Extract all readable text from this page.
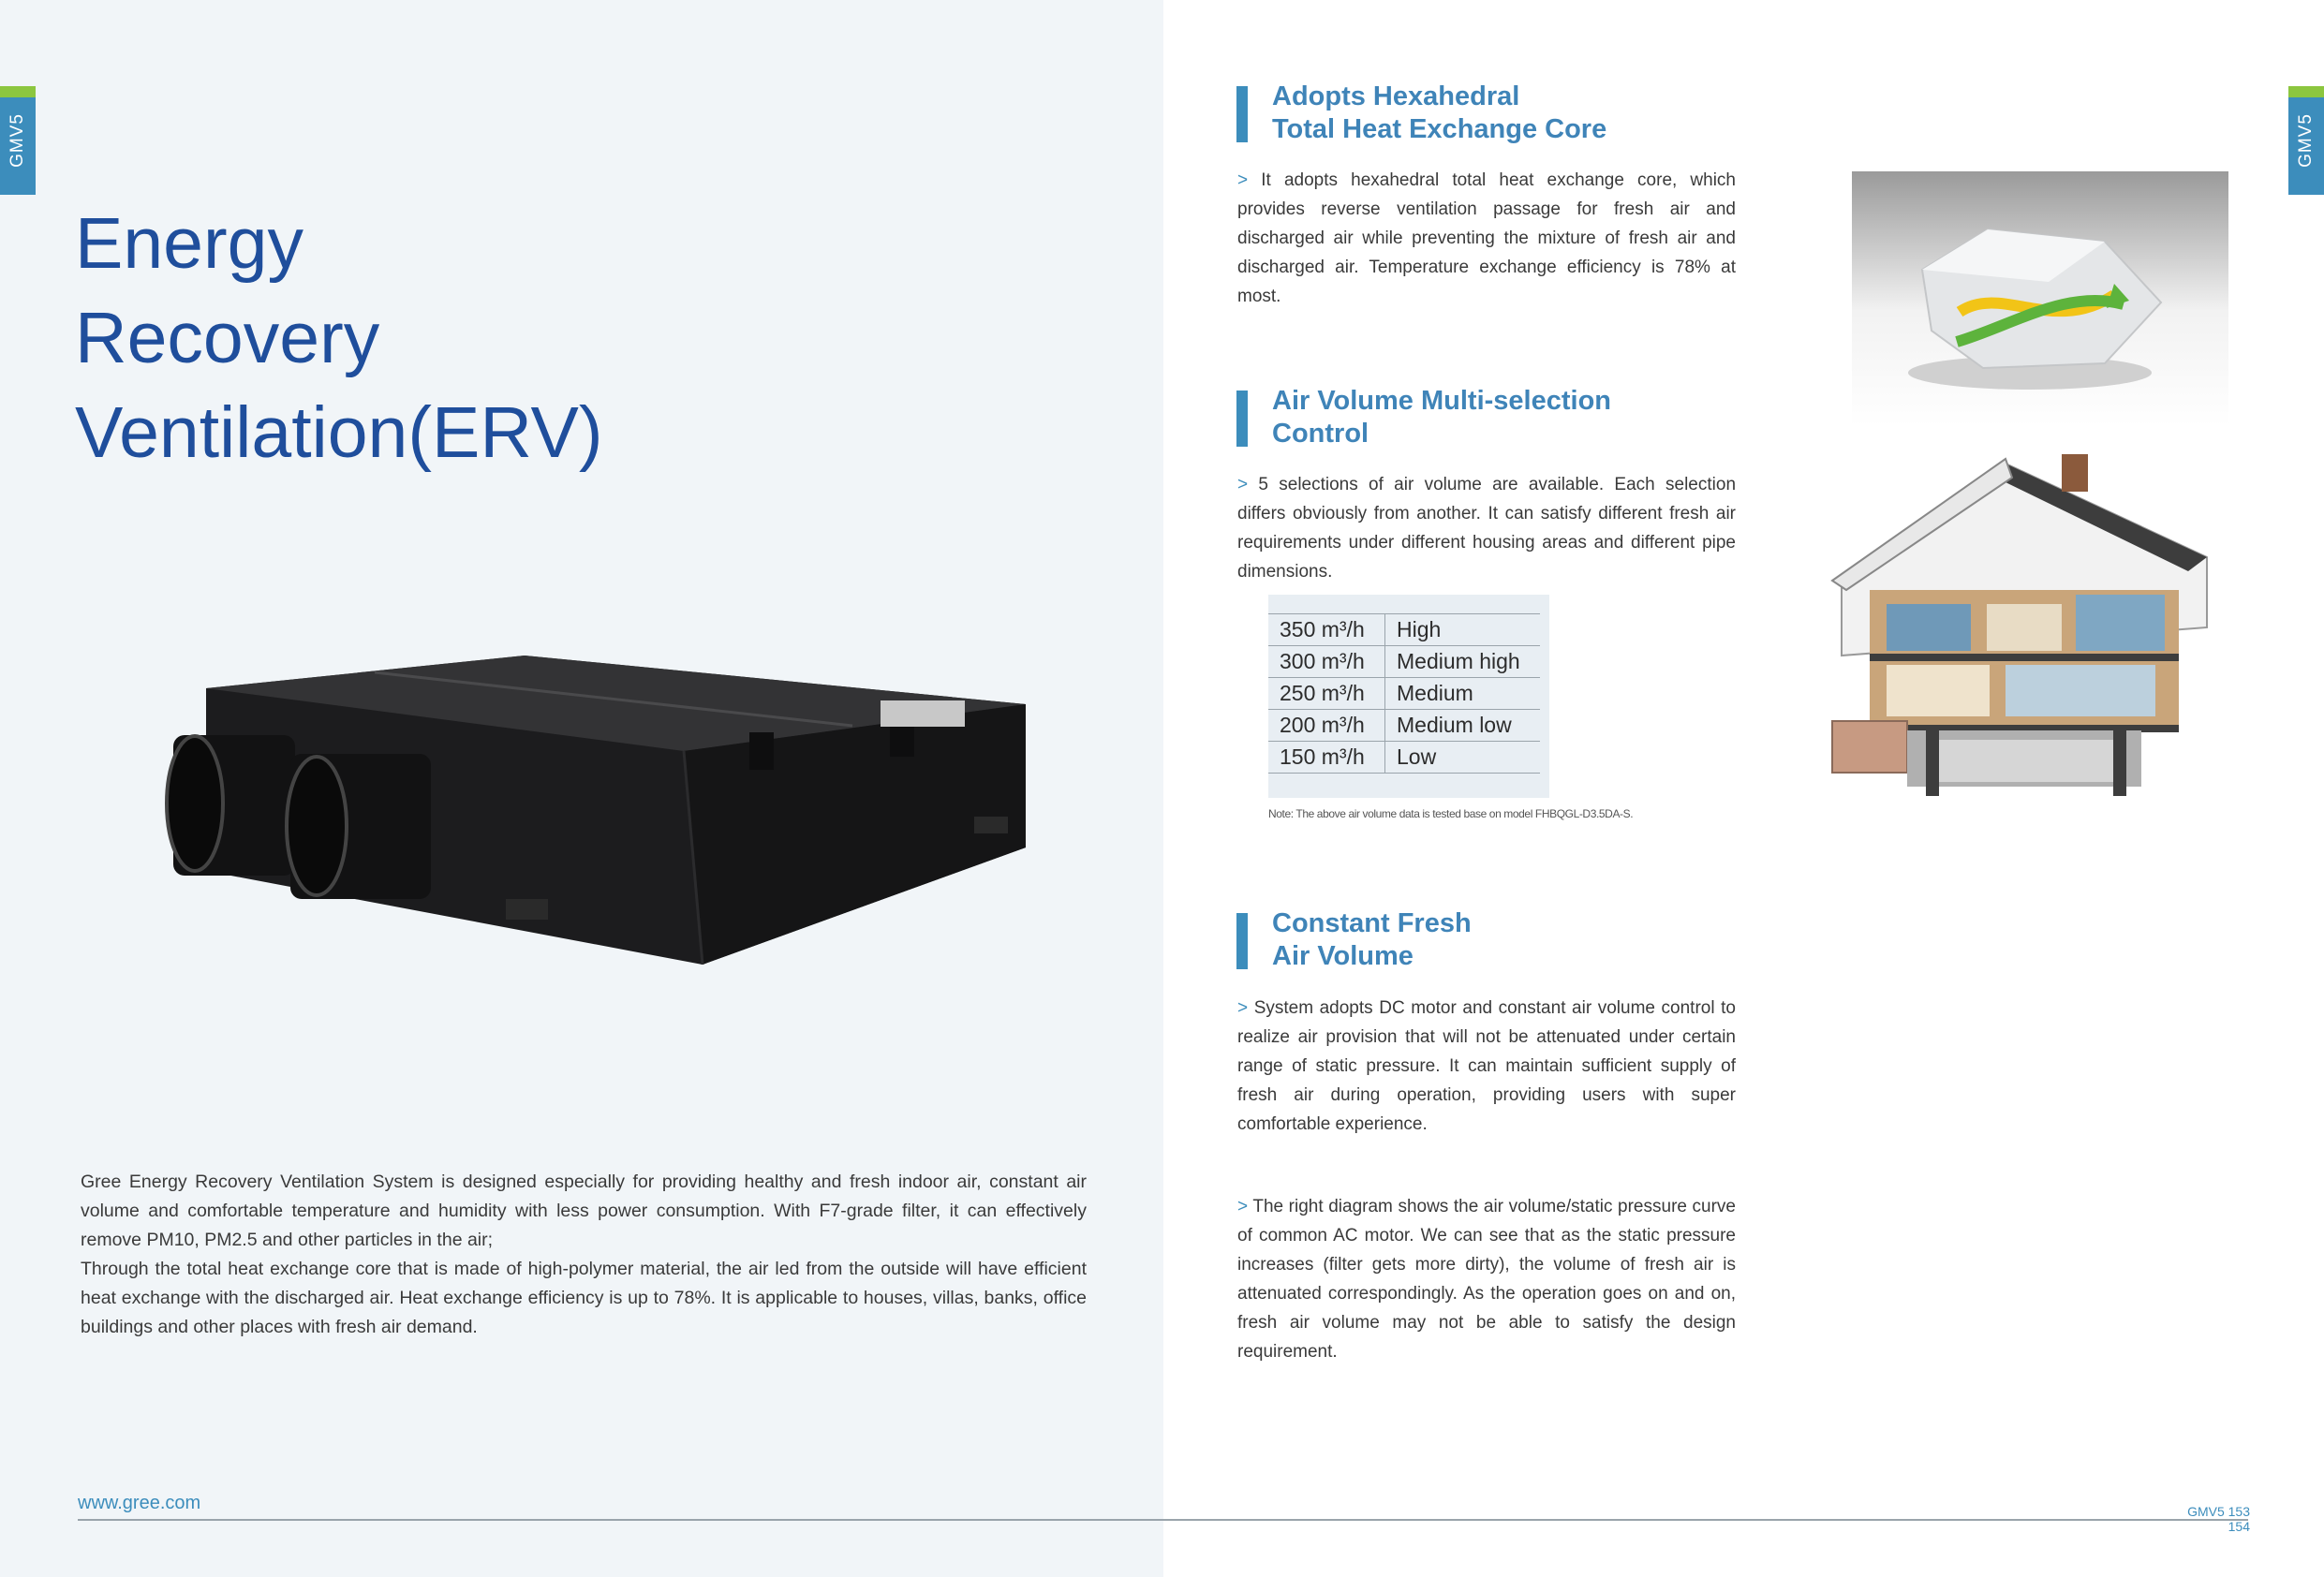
GMV5	GMV5
Energy
Recovery
Ventilation(ERV)

Gree Energy Recovery Ventilation System is designed especially for providing healthy and fresh indoor air, constant air volume and comfortable temperature and humidity with less power consumption. With F7-grade filter, it can effectively remove PM10, PM2.5 and other particles in the air;

Through the total heat exchange core that is made of high-polymer material, the air led from the outside will have efficient heat exchange with the discharged air. Heat exchange efficiency is up to 78%. It is applicable to houses, villas, banks, office buildings and other places with fresh air demand.

www.gree.com	GMV5 153
154
Adopts Hexahedral
Total Heat Exchange Core

> It adopts hexahedral total heat exchange core, which provides reverse ventilation passage for fresh air and discharged air while preventing the mixture of fresh air and discharged air. Temperature exchange efficiency is 78% at most.

Air Volume Multi-selection
Control

> 5 selections of air volume are available. Each selection differs obviously from another. It can satisfy different fresh air requirements under different housing areas and different pipe dimensions.

350 m³/h	High
300 m³/h	Medium high
250 m³/h	Medium
200 m³/h	Medium low
150 m³/h	Low
Note: The above air volume data is tested base on model FHBQGL-D3.5DA-S.
Constant Fresh
Air Volume

> System adopts DC motor and constant air volume control to realize air provision that will not be attenuated under certain range of static pressure. It can maintain sufficient supply of fresh air during operation, providing users with super comfortable experience.

> The right diagram shows the air volume/static pressure curve of common AC motor. We can see that as the static pressure increases (filter gets more dirty), the volume of fresh air is attenuated correspondingly. As the operation goes on and on, fresh air volume may not be able to satisfy the design requirement.
